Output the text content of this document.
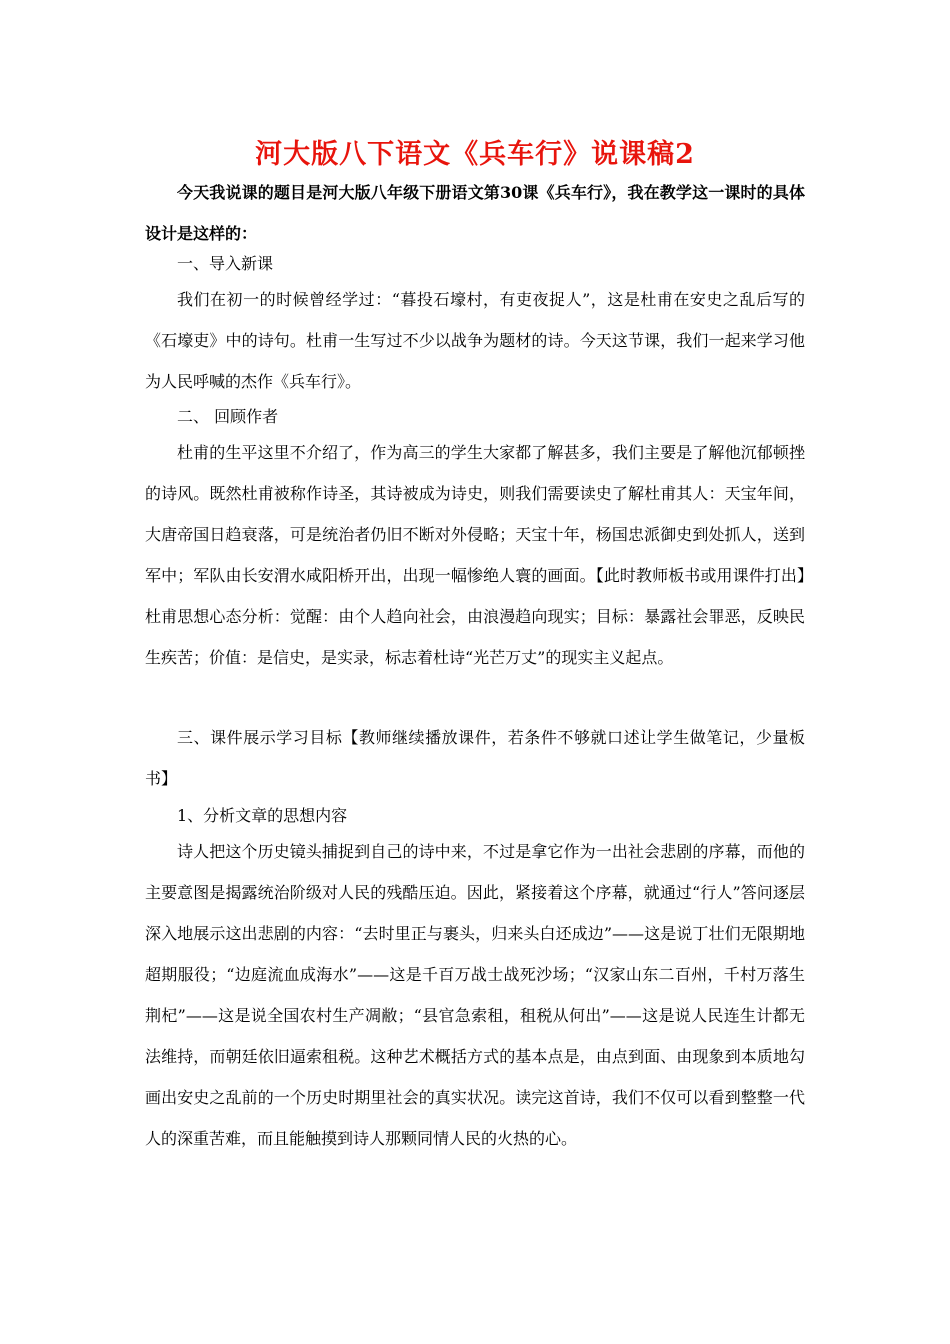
河大版八下语文《兵车行》说课稿2

今天我说课的题目是河大版八年级下册语文第30课《兵车行》，我在教学这一课时的具体设计是这样的：

一、导入新课

我们在初一的时候曾经学过：“暮投石壕村，有吏夜捉人”，这是杜甫在安史之乱后写的《石壕吏》中的诗句。杜甫一生写过不少以战争为题材的诗。今天这节课，我们一起来学习他为人民呼喊的杰作《兵车行》。

二、 回顾作者

杜甫的生平这里不介绍了，作为高三的学生大家都了解甚多，我们主要是了解他沉郁顿挫的诗风。既然杜甫被称作诗圣，其诗被成为诗史，则我们需要读史了解杜甫其人：天宝年间，大唐帝国日趋衰落，可是统治者仍旧不断对外侵略；天宝十年，杨国忠派御史到处抓人，送到军中；军队由长安渭水咸阳桥开出，出现一幅惨绝人寰的画面。【此时教师板书或用课件打出】杜甫思想心态分析：觉醒：由个人趋向社会，由浪漫趋向现实；目标：暴露社会罪恶，反映民生疾苦；价值：是信史，是实录，标志着杜诗“光芒万丈”的现实主义起点。

三、课件展示学习目标【教师继续播放课件，若条件不够就口述让学生做笔记，少量板书】

1、分析文章的思想内容

诗人把这个历史镜头捕捉到自己的诗中来，不过是拿它作为一出社会悲剧的序幕，而他的主要意图是揭露统治阶级对人民的残酷压迫。因此，紧接着这个序幕，就通过“行人”答问逐层深入地展示这出悲剧的内容：“去时里正与裹头，归来头白还成边”——这是说丁壮们无限期地超期服役；“边庭流血成海水”——这是千百万战士战死沙场；“汉家山东二百州，千村万落生荆杞”——这是说全国农村生产凋敝；“县官急索租，租税从何出”——这是说人民连生计都无法维持，而朝廷依旧逼索租税。这种艺术概括方式的基本点是，由点到面、由现象到本质地勾画出安史之乱前的一个历史时期里社会的真实状况。读完这首诗，我们不仅可以看到整整一代人的深重苦难，而且能触摸到诗人那颗同情人民的火热的心。
